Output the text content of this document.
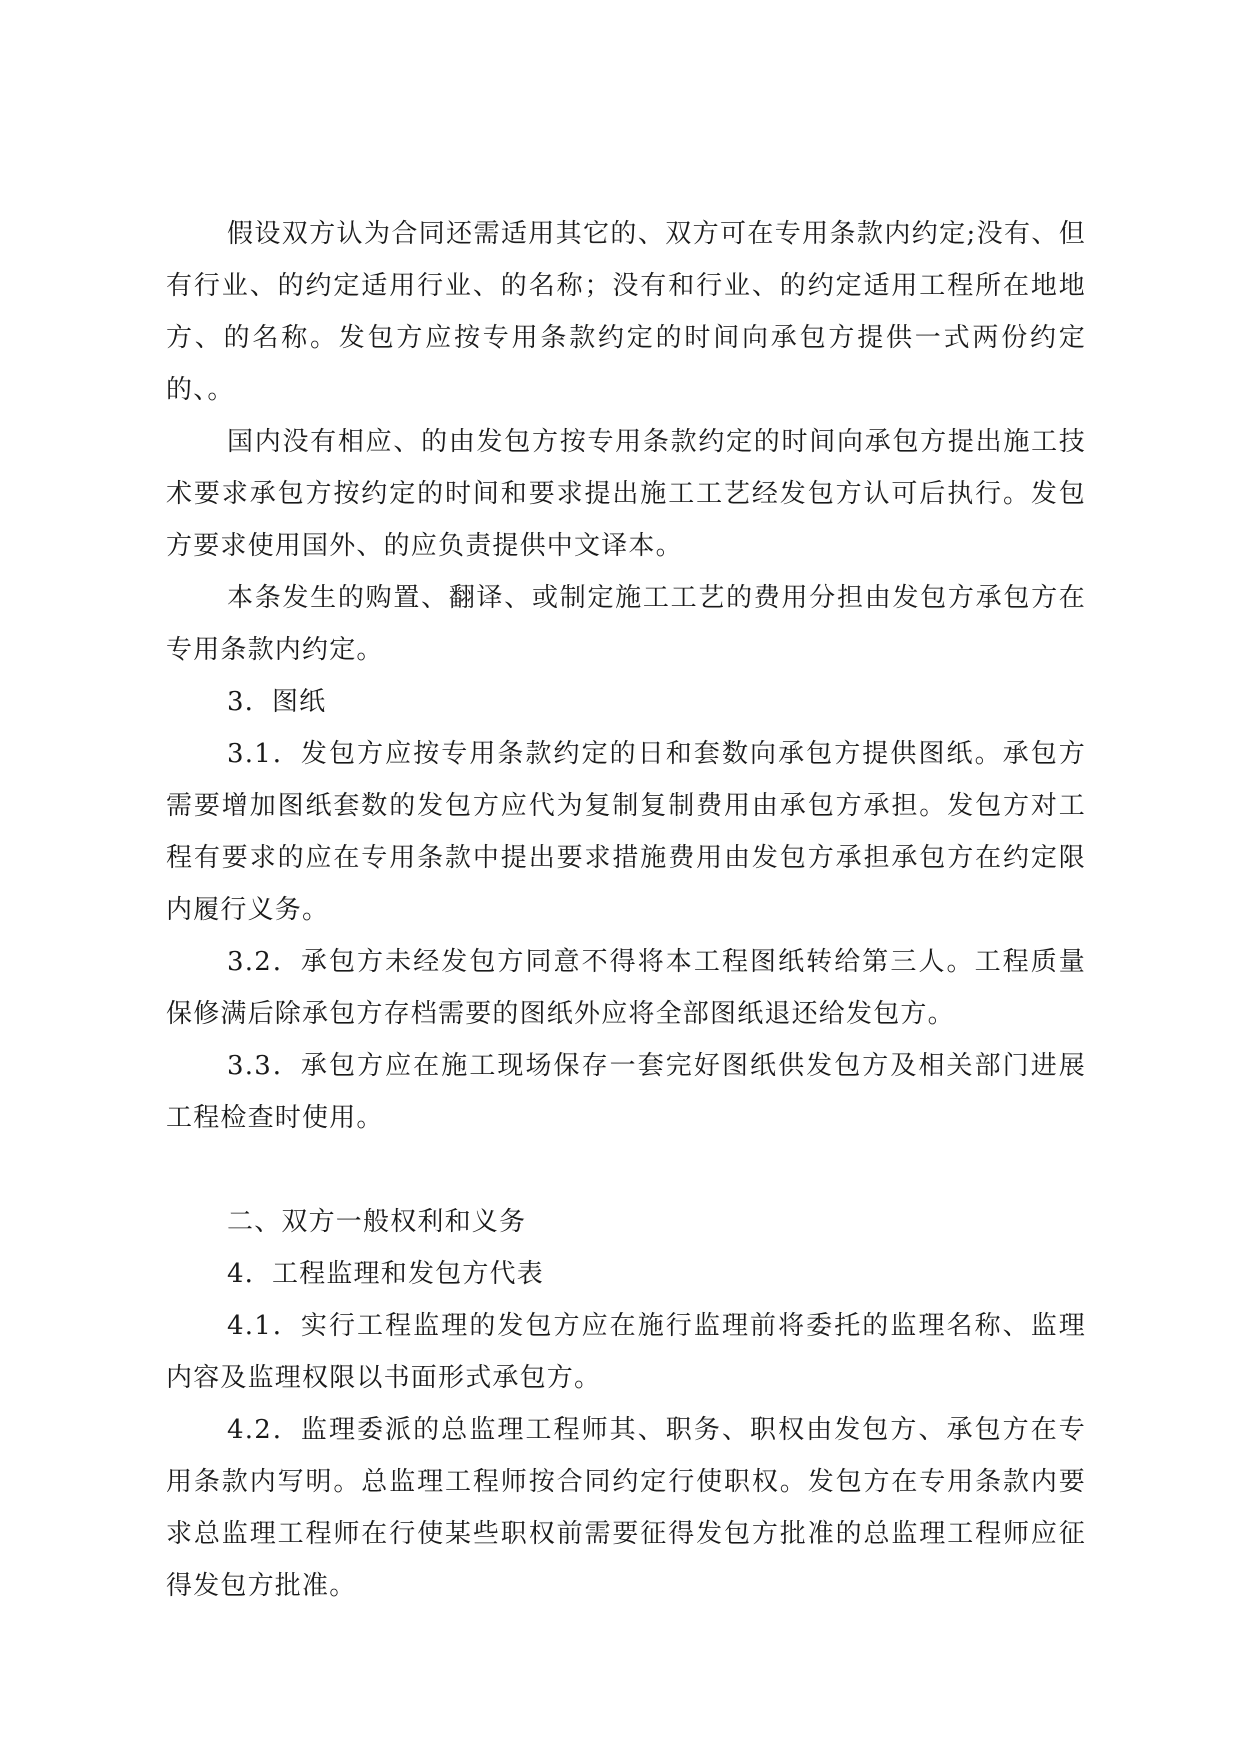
假设双方认为合同还需适用其它的、双方可在专用条款内约定;没有、但有行业、的约定适用行业、的名称；没有和行业、的约定适用工程所在地地方、的名称。发包方应按专用条款约定的时间向承包方提供一式两份约定的、。

国内没有相应、的由发包方按专用条款约定的时间向承包方提出施工技术要求承包方按约定的时间和要求提出施工工艺经发包方认可后执行。发包方要求使用国外、的应负责提供中文译本。

本条发生的购置、翻译、或制定施工工艺的费用分担由发包方承包方在专用条款内约定。

3．图纸

3.1．发包方应按专用条款约定的日和套数向承包方提供图纸。承包方需要增加图纸套数的发包方应代为复制复制费用由承包方承担。发包方对工程有要求的应在专用条款中提出要求措施费用由发包方承担承包方在约定限内履行义务。

3.2．承包方未经发包方同意不得将本工程图纸转给第三人。工程质量保修满后除承包方存档需要的图纸外应将全部图纸退还给发包方。

3.3．承包方应在施工现场保存一套完好图纸供发包方及相关部门进展工程检查时使用。

二、双方一般权利和义务

4．工程监理和发包方代表

4.1．实行工程监理的发包方应在施行监理前将委托的监理名称、监理内容及监理权限以书面形式承包方。

4.2．监理委派的总监理工程师其、职务、职权由发包方、承包方在专用条款内写明。总监理工程师按合同约定行使职权。发包方在专用条款内要求总监理工程师在行使某些职权前需要征得发包方批准的总监理工程师应征得发包方批准。
